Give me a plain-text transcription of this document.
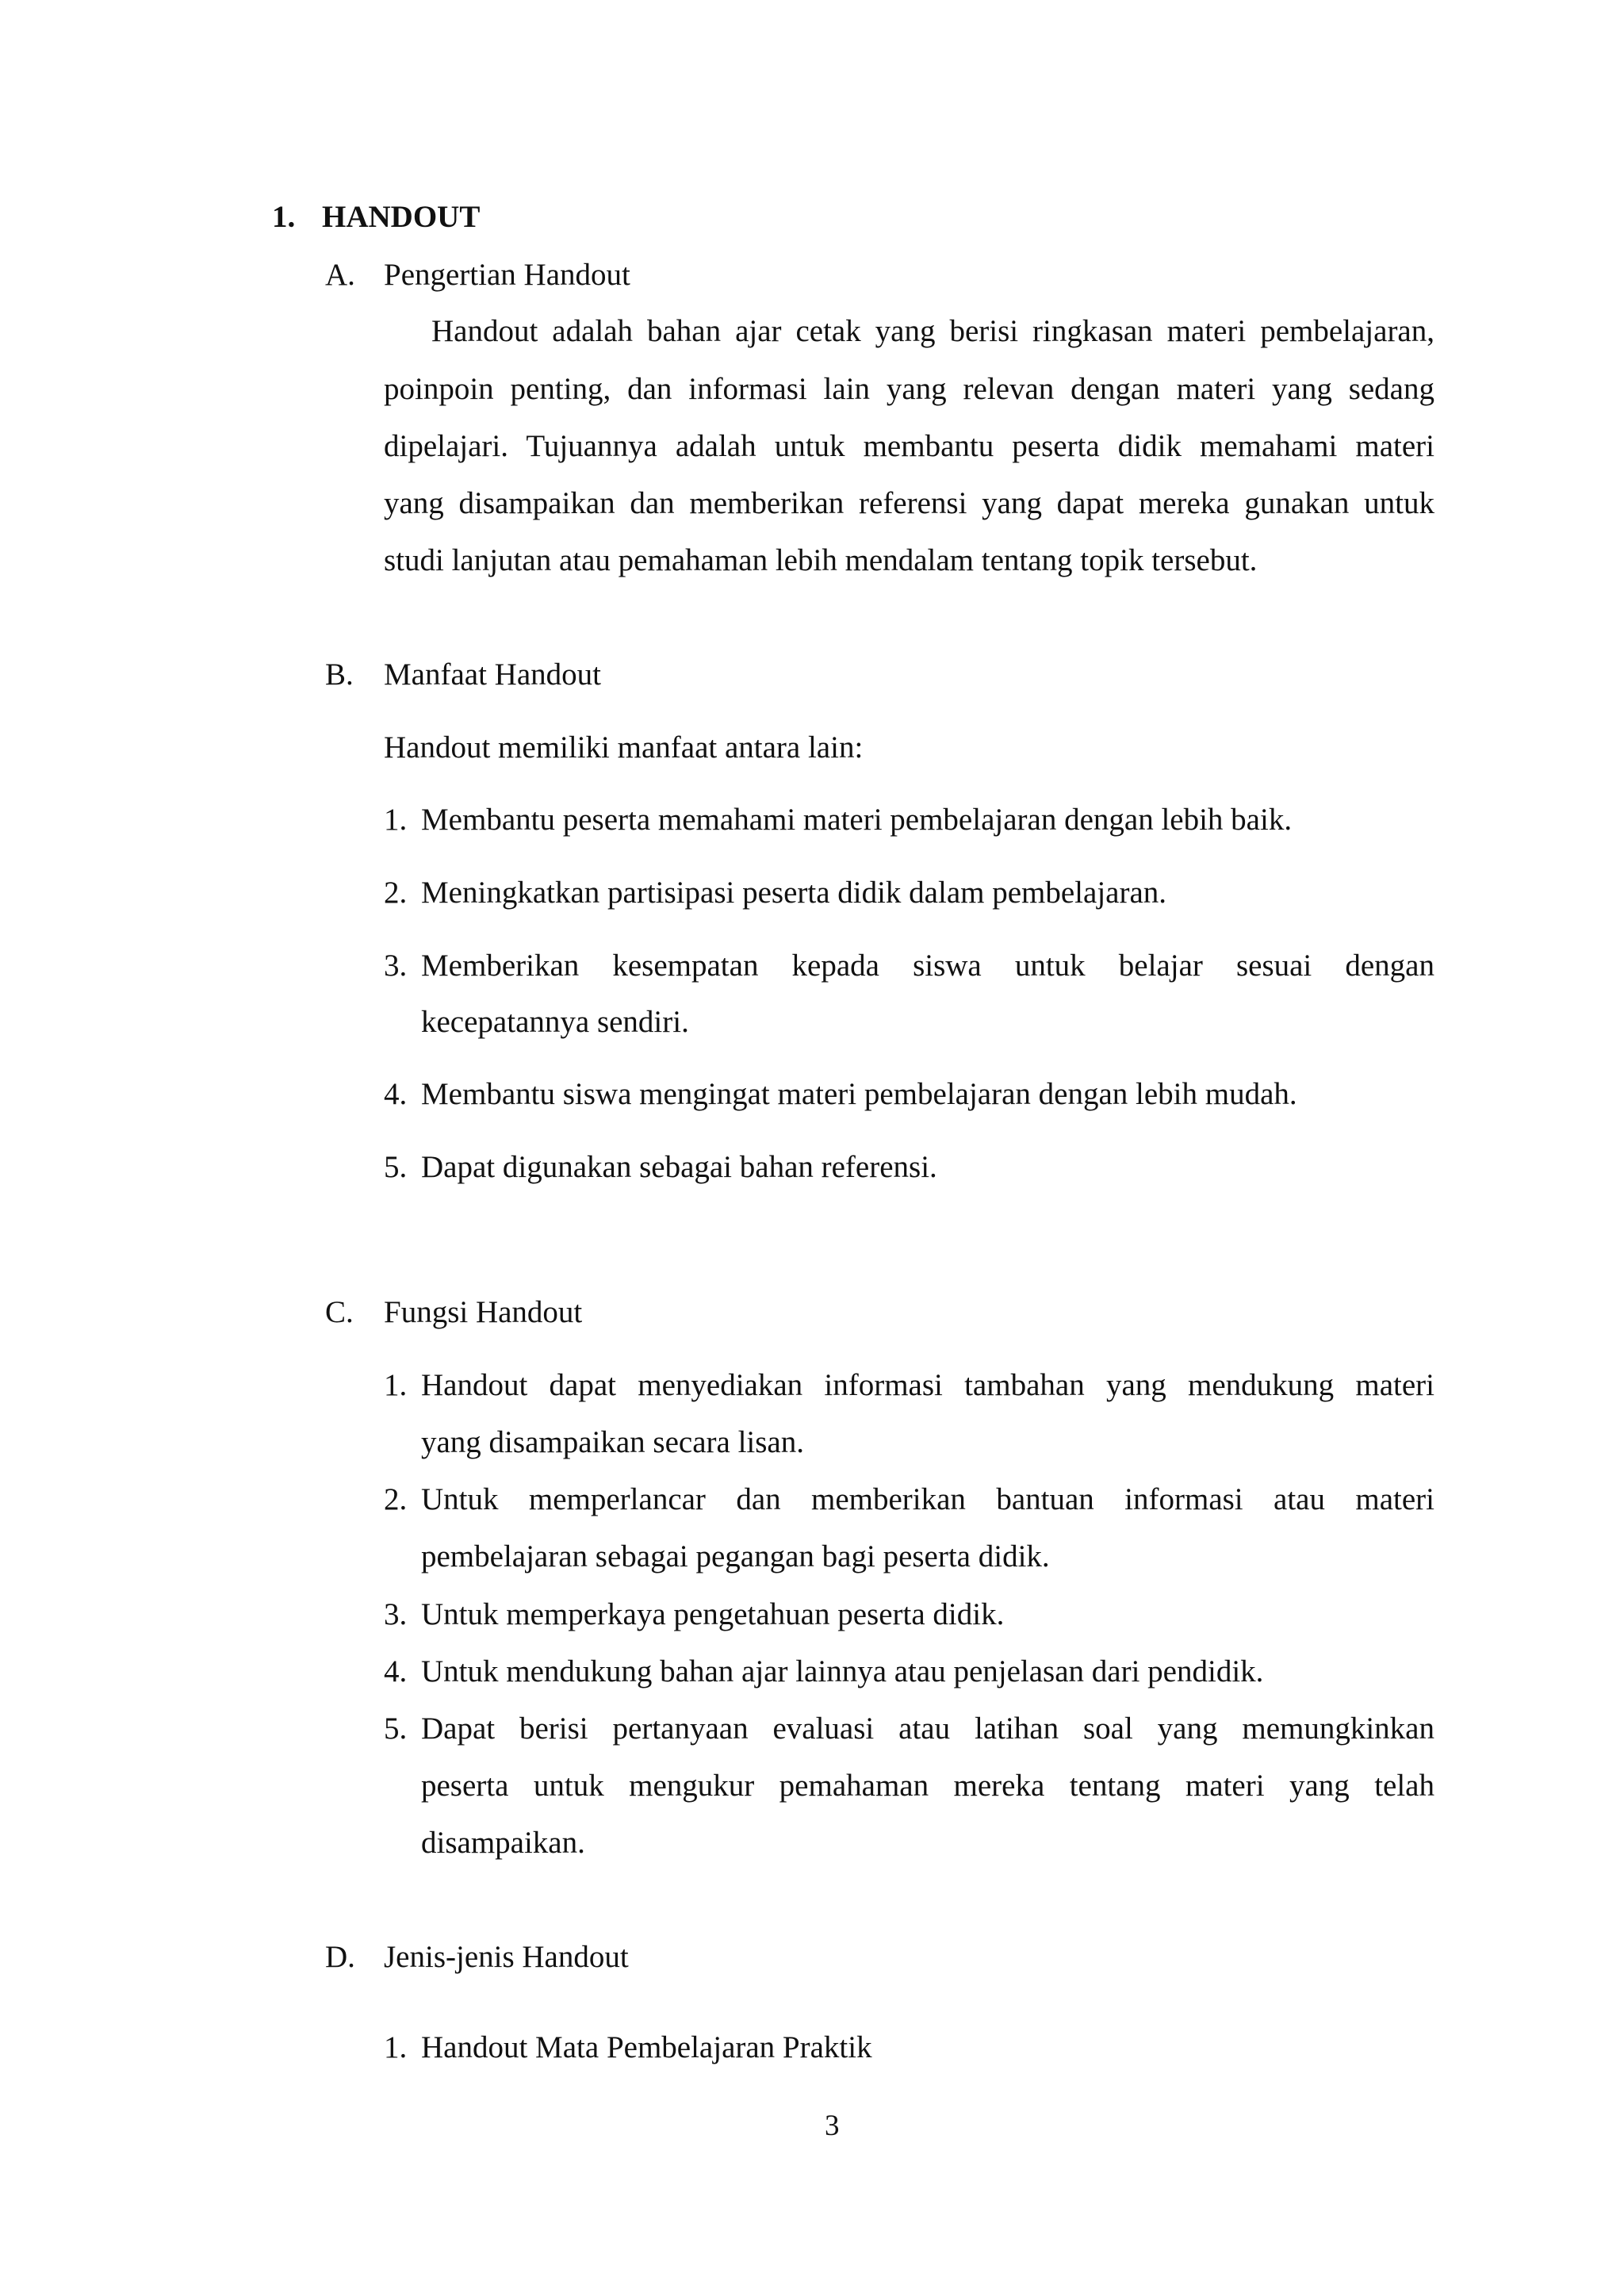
1. HANDOUT
A. Pengertian Handout
Handout adalah bahan ajar cetak yang berisi ringkasan materi pembelajaran,
poinpoin penting, dan informasi lain yang relevan dengan materi yang sedang
dipelajari. Tujuannya adalah untuk membantu peserta didik memahami materi
yang disampaikan dan memberikan referensi yang dapat mereka gunakan untuk
studi lanjutan atau pemahaman lebih mendalam tentang topik tersebut.
B. Manfaat Handout
Handout memiliki manfaat antara lain:
1. Membantu peserta memahami materi pembelajaran dengan lebih baik.
2. Meningkatkan partisipasi peserta didik dalam pembelajaran.
3. Memberikan kesempatan kepada siswa untuk belajar sesuai dengan
kecepatannya sendiri.
4. Membantu siswa mengingat materi pembelajaran dengan lebih mudah.
5. Dapat digunakan sebagai bahan referensi.
C. Fungsi Handout
1. Handout dapat menyediakan informasi tambahan yang mendukung materi
yang disampaikan secara lisan.
2. Untuk memperlancar dan memberikan bantuan informasi atau materi
pembelajaran sebagai pegangan bagi peserta didik.
3. Untuk memperkaya pengetahuan peserta didik.
4. Untuk mendukung bahan ajar lainnya atau penjelasan dari pendidik.
5. Dapat berisi pertanyaan evaluasi atau latihan soal yang memungkinkan
peserta untuk mengukur pemahaman mereka tentang materi yang telah
disampaikan.
D. Jenis-jenis Handout
1. Handout Mata Pembelajaran Praktik
3
